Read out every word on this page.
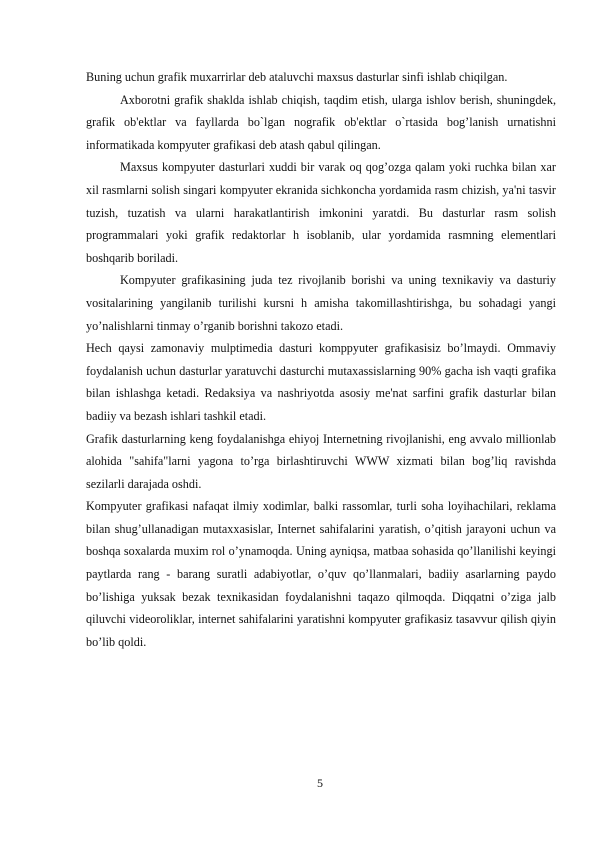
Buning uchun grafik muxarrirlar deb ataluvchi maxsus dasturlar sinfi ishlab chiqilgan.

Axborotni grafik shaklda ishlab chiqish, taqdim etish, ularga ishlov berish, shuningdek, grafik ob'ektlar va fayllarda bo`lgan nografik ob'ektlar o`rtasida bog’lanish urnatishni informatikada kompyuter grafikasi deb atash qabul qilingan.

Maxsus kompyuter dasturlari xuddi bir varak oq qog’ozga qalam yoki ruchka bilan xar xil rasmlarni solish singari kompyuter ekranida sichkoncha yordamida rasm chizish, ya'ni tasvir tuzish, tuzatish va ularni harakatlantirish imkonini yaratdi. Bu dasturlar rasm solish programmalari yoki grafik redaktorlar h isoblanib, ular yordamida rasmning elementlari boshqarib boriladi.

Kompyuter grafikasining juda tez rivojlanib borishi va uning texnikaviy va dasturiy vositalarining yangilanib turilishi kursni h amisha takomillashtirishga, bu sohadagi yangi yo’nalishlarni tinmay o’rganib borishni takozo etadi.

Hech qaysi zamonaviy mulptimedia dasturi komppyuter grafikasisiz bo’lmaydi. Ommaviy foydalanish uchun dasturlar yaratuvchi dasturchi mutaxassislarning 90% gacha ish vaqti grafika bilan ishlashga ketadi. Redaksiya va nashriyotda asosiy me'nat sarfini grafik dasturlar bilan badiiy va bezash ishlari tashkil etadi.

Grafik dasturlarning keng foydalanishga ehiyoj Internetning rivojlanishi, eng avvalo millionlab alohida "sahifa"larni yagona to’rga birlashtiruvchi WWW xizmati bilan bog’liq ravishda sezilarli darajada oshdi.

Kompyuter grafikasi nafaqat ilmiy xodimlar, balki rassomlar, turli soha loyihachilari, reklama bilan shug’ullanadigan mutaxxasislar, Internet sahifalarini yaratish, o’qitish jarayoni uchun va boshqa soxalarda muxim rol o’ynamoqda. Uning ayniqsa, matbaa sohasida qo’llanilishi keyingi paytlarda rang - barang suratli adabiyotlar, o’quv qo’llanmalari, badiiy asarlarning paydo bo’lishiga yuksak bezak texnikasidan foydalanishni taqazo qilmoqda. Diqqatni o’ziga jalb qiluvchi videoroliklar, internet sahifalarini yaratishni kompyuter grafikasiz tasavvur qilish qiyin bo’lib qoldi.

5
